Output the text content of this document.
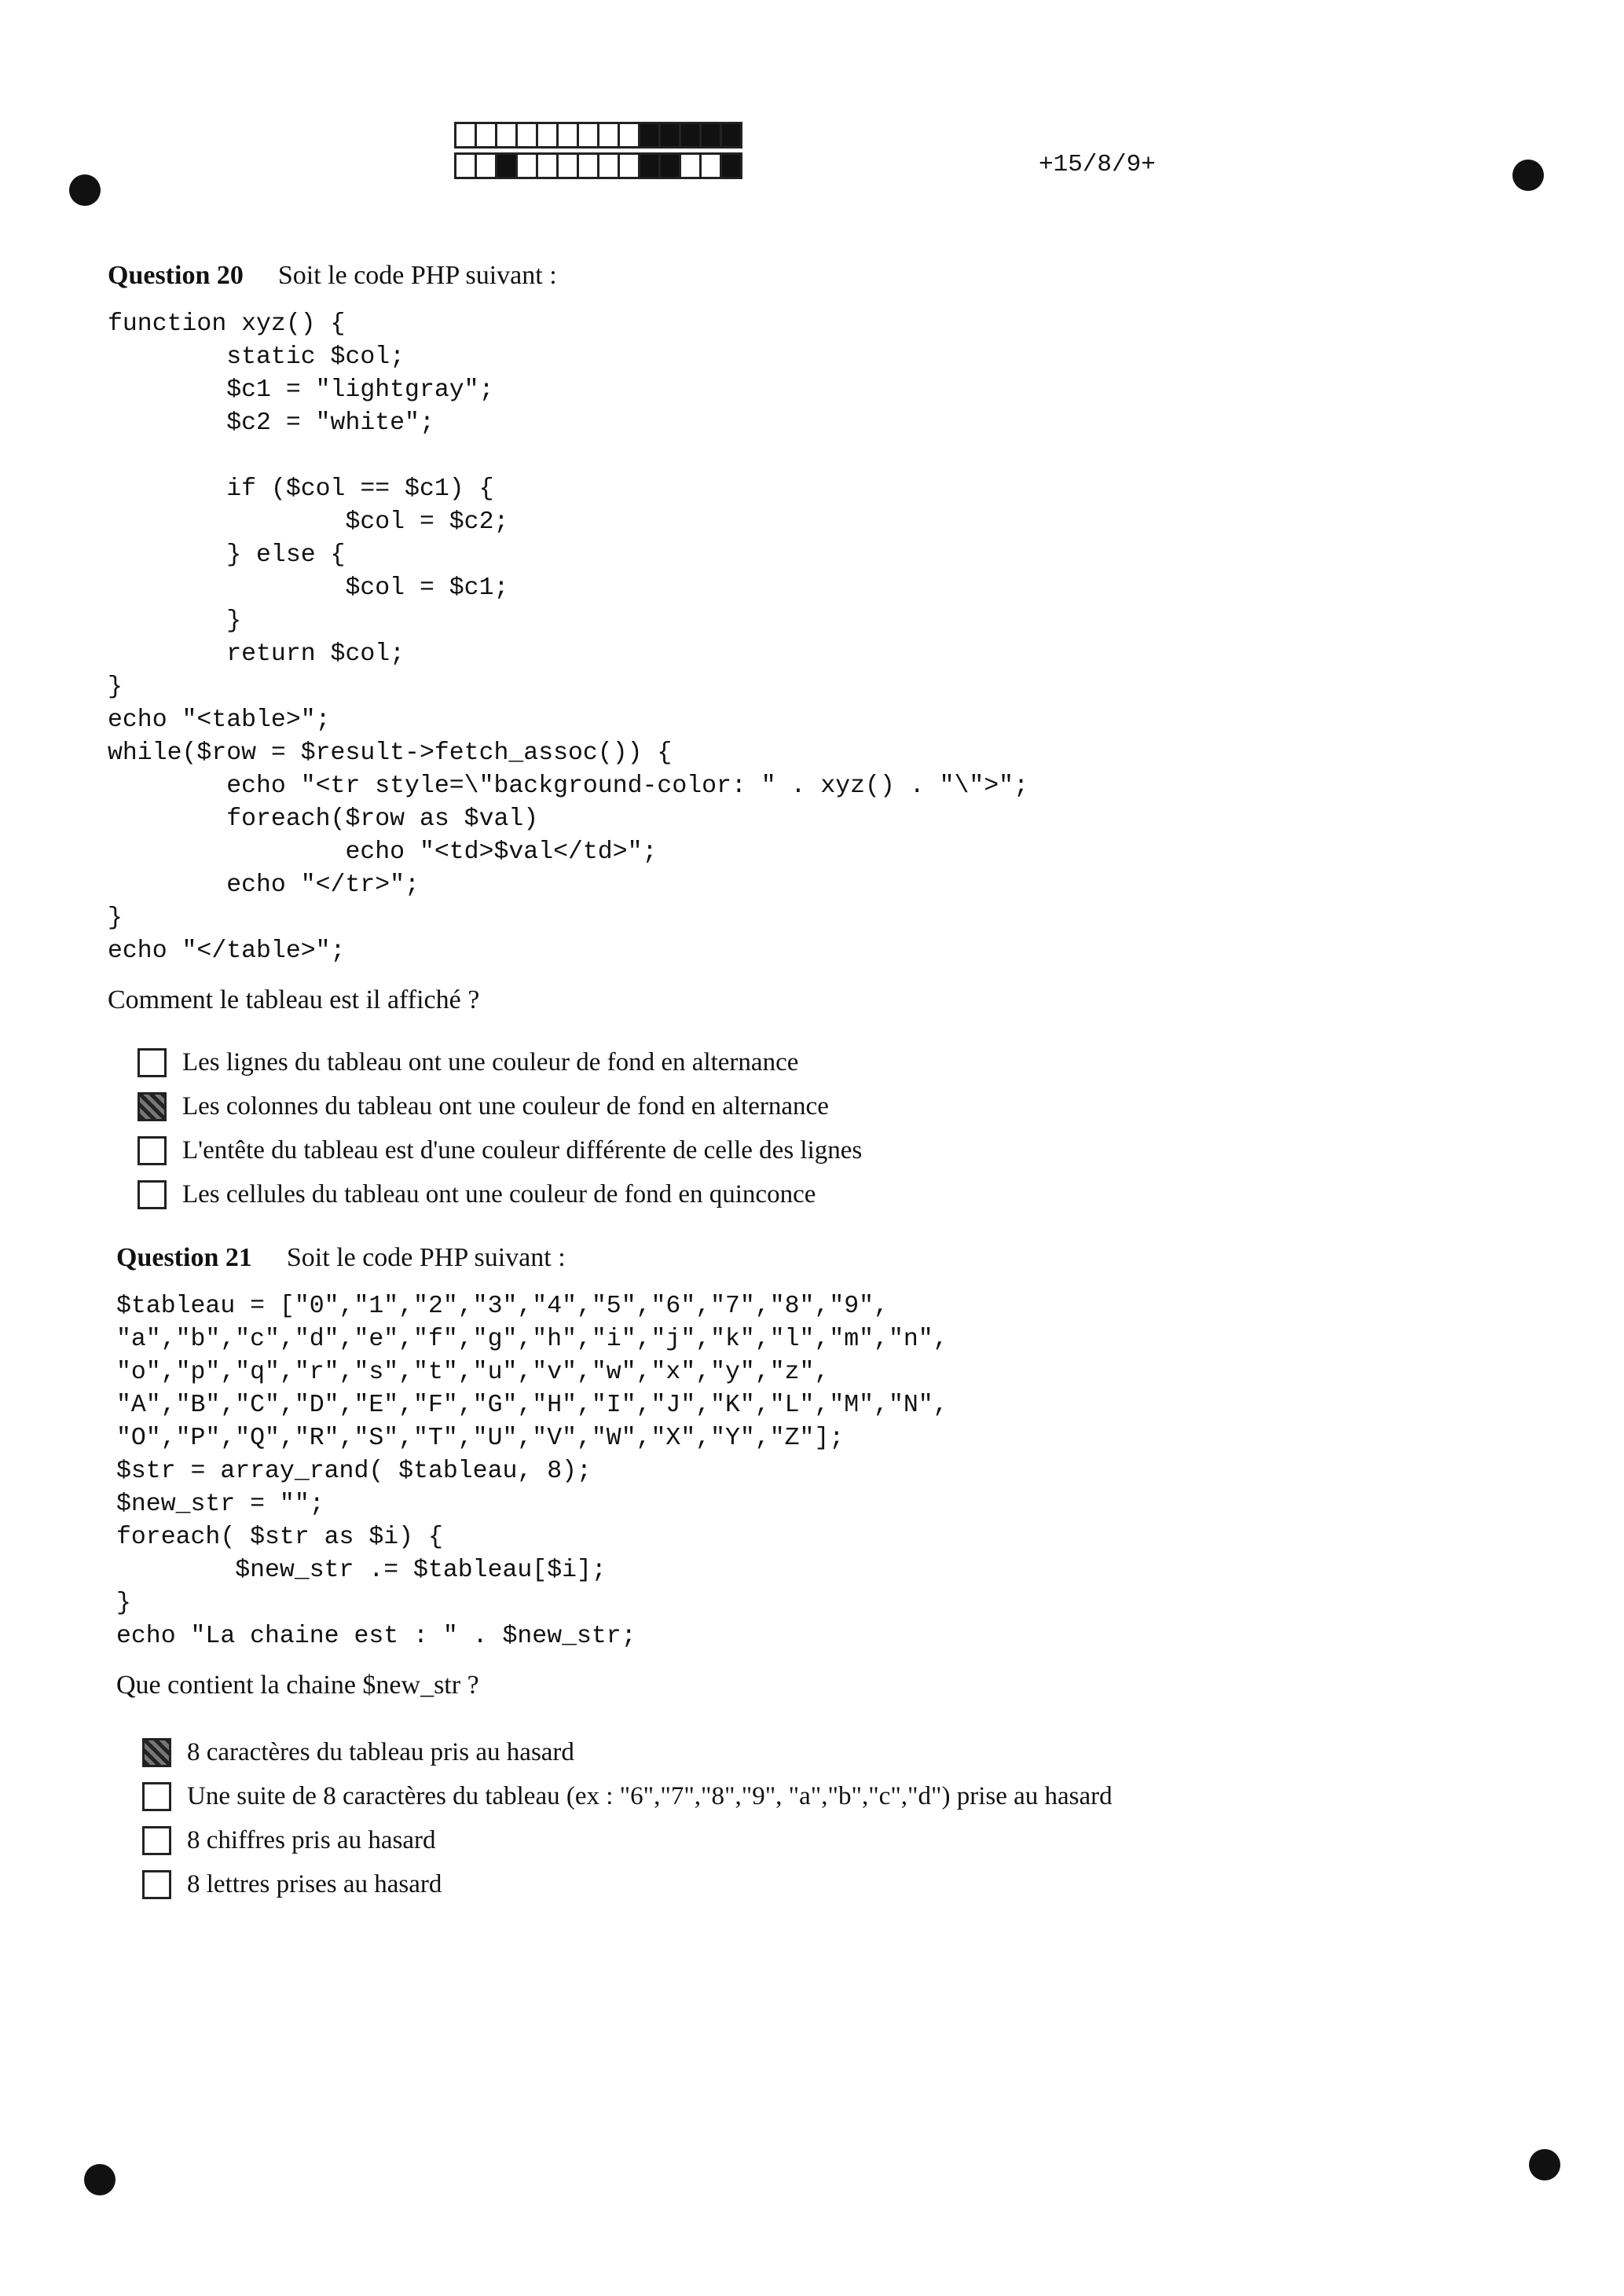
+15/8/9+
Question 20 Soit le code PHP suivant :
function xyz() {
static $col;
$c1 = "lightgray";
$c2 = "white";

if ($col == $c1) {
$col = $c2;
} else {
$col = $c1;
}
return $col;
}
echo "<table>";
while($row = $result->fetch_assoc()) {
echo "<tr style=\"background-color: " . xyz() . "\">";
foreach($row as $val)
echo "<td>$val</td>";
echo "</tr>";
}
echo "</table>";
Comment le tableau est il affiché ?
Les lignes du tableau ont une couleur de fond en alternance
Les colonnes du tableau ont une couleur de fond en alternance
L'entête du tableau est d'une couleur différente de celle des lignes
Les cellules du tableau ont une couleur de fond en quinconce
Question 21 Soit le code PHP suivant :
$tableau = ["0","1","2","3","4","5","6","7","8","9",
"a","b","c","d","e","f","g","h","i","j","k","l","m","n",
"o","p","q","r","s","t","u","v","w","x","y","z",
"A","B","C","D","E","F","G","H","I","J","K","L","M","N",
"O","P","Q","R","S","T","U","V","W","X","Y","Z"];
$str = array_rand( $tableau, 8);
$new_str = "";
foreach( $str as $i) {
$new_str .= $tableau[$i];
}
echo "La chaine est : " . $new_str;
Que contient la chaine $new_str ?
8 caractères du tableau pris au hasard
Une suite de 8 caractères du tableau (ex : "6","7","8","9", "a","b","c","d") prise au hasard
8 chiffres pris au hasard
8 lettres prises au hasard
